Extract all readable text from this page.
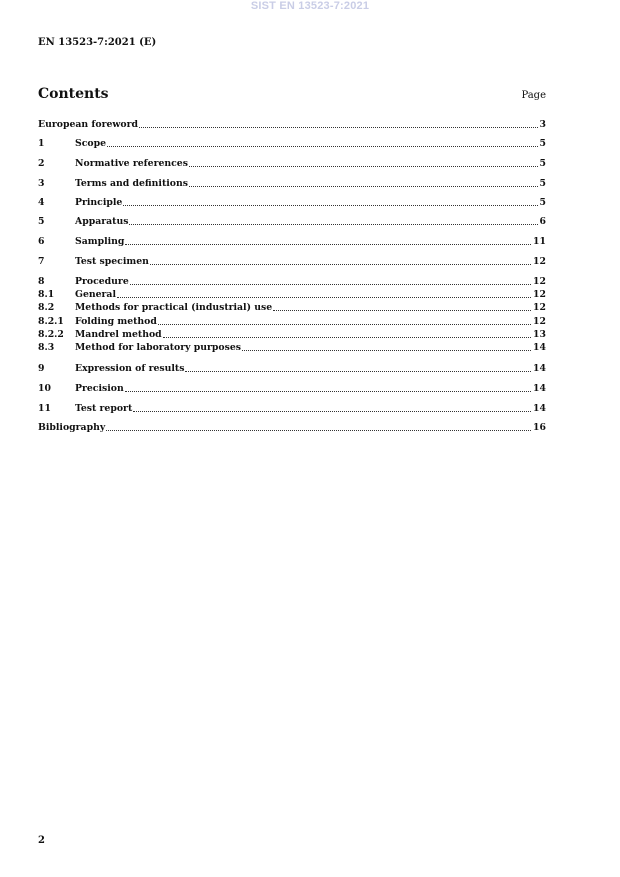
SIST EN 13523-7:2021
EN 13523-7:2021 (E)
Contents	Page
European foreword	3
1	Scope	5
2	Normative references	5
3	Terms and definitions	5
4	Principle	5
5	Apparatus	6
6	Sampling	11
7	Test specimen	12
8	Procedure	12
8.1	General	12
8.2	Methods for practical (industrial) use	12
8.2.1	Folding method	12
8.2.2	Mandrel method	13
8.3	Method for laboratory purposes	14
9	Expression of results	14
10	Precision	14
11	Test report	14
Bibliography	16
2
